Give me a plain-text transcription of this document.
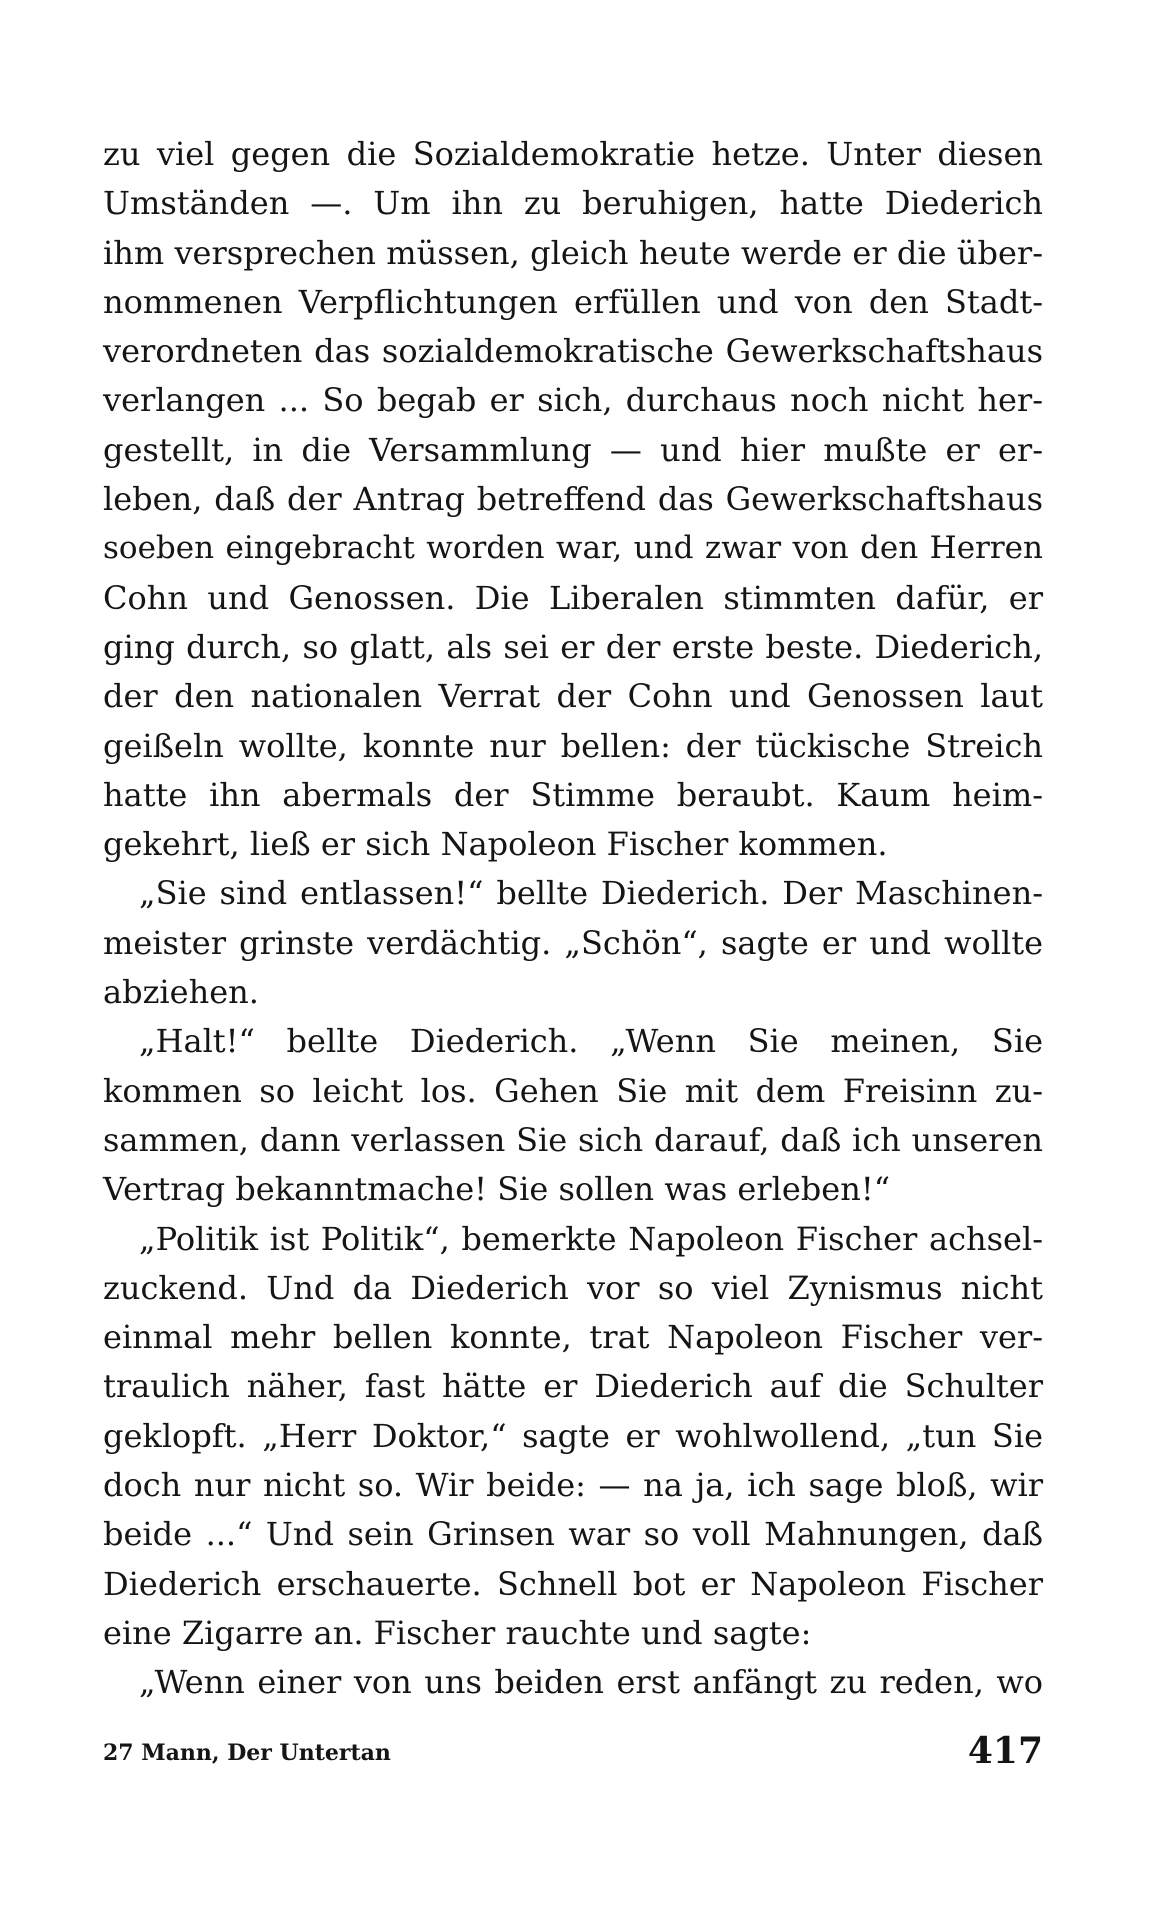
zu viel gegen die Sozialdemokratie hetze. Unter diesen
Umständen —. Um ihn zu beruhigen, hatte Diederich
ihm versprechen müssen, gleich heute werde er die über-
nommenen Verpflichtungen erfüllen und von den Stadt-
verordneten das sozialdemokratische Gewerkschaftshaus
verlangen ... So begab er sich, durchaus noch nicht her-
gestellt, in die Versammlung — und hier mußte er er-
leben, daß der Antrag betreffend das Gewerkschaftshaus
soeben eingebracht worden war, und zwar von den Herren
Cohn und Genossen. Die Liberalen stimmten dafür, er
ging durch, so glatt, als sei er der erste beste. Diederich,
der den nationalen Verrat der Cohn und Genossen laut
geißeln wollte, konnte nur bellen: der tückische Streich
hatte ihn abermals der Stimme beraubt. Kaum heim-
gekehrt, ließ er sich Napoleon Fischer kommen.
„Sie sind entlassen!“ bellte Diederich. Der Maschinen-
meister grinste verdächtig. „Schön“, sagte er und wollte
abziehen.
„Halt!“ bellte Diederich. „Wenn Sie meinen, Sie
kommen so leicht los. Gehen Sie mit dem Freisinn zu-
sammen, dann verlassen Sie sich darauf, daß ich unseren
Vertrag bekanntmache! Sie sollen was erleben!“
„Politik ist Politik“, bemerkte Napoleon Fischer achsel-
zuckend. Und da Diederich vor so viel Zynismus nicht
einmal mehr bellen konnte, trat Napoleon Fischer ver-
traulich näher, fast hätte er Diederich auf die Schulter
geklopft. „Herr Doktor,“ sagte er wohlwollend, „tun Sie
doch nur nicht so. Wir beide: — na ja, ich sage bloß, wir
beide ...“ Und sein Grinsen war so voll Mahnungen, daß
Diederich erschauerte. Schnell bot er Napoleon Fischer
eine Zigarre an. Fischer rauchte und sagte:
„Wenn einer von uns beiden erst anfängt zu reden, wo
27 Mann, Der Untertan	417
